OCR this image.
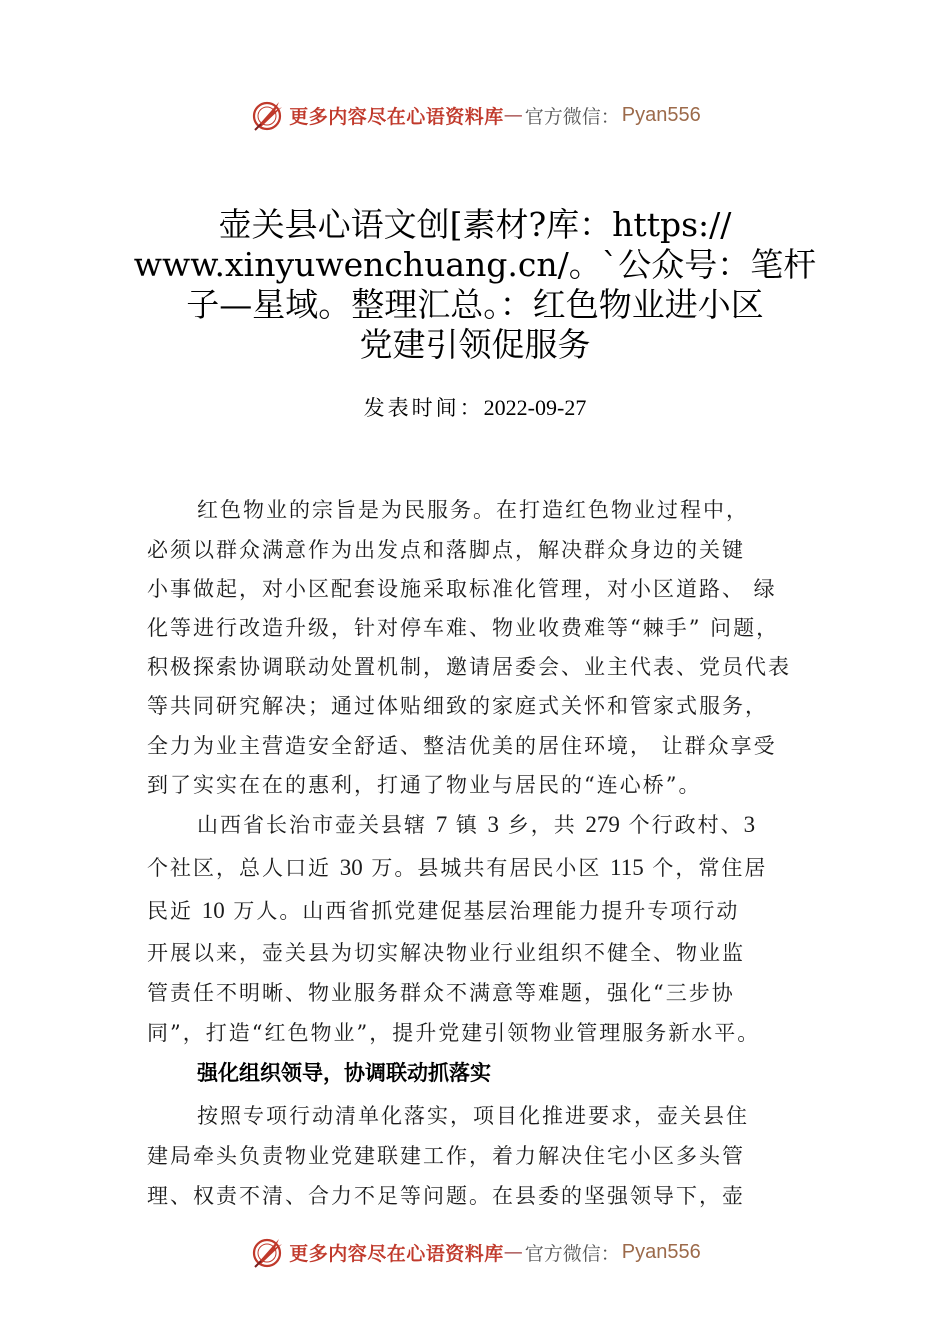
更多内容尽在心语资料库 — 官方微信： Pyan556
壶关县心语文创[素材?库：https://
www.xinyuwenchuang.cn/。`公众号：笔杆
子—星域。整理汇总。：红色物业进小区
党建引领促服务
发表时间：2022-09-27
红色物业的宗旨是为民服务。在打造红色物业过程中，
必须以群众满意作为出发点和落脚点，解决群众身边的关键
小事做起，对小区配套设施采取标准化管理，对小区道路、 绿
化等进行改造升级，针对停车难、物业收费难等“棘手” 问题，
积极探索协调联动处置机制，邀请居委会、业主代表、党员代表
等共同研究解决；通过体贴细致的家庭式关怀和管家式服务，
全力为业主营造安全舒适、整洁优美的居住环境， 让群众享受
到了实实在在的惠利，打通了物业与居民的“连心桥”。
山西省长治市壶关县辖 7 镇 3 乡，共 279 个行政村、3
个社区，总人口近 30 万。县城共有居民小区 115 个，常住居
民近 10 万人。山西省抓党建促基层治理能力提升专项行动
开展以来，壶关县为切实解决物业行业组织不健全、物业监
管责任不明晰、物业服务群众不满意等难题，强化“三步协
同”，打造“红色物业”，提升党建引领物业管理服务新水平。
强化组织领导，协调联动抓落实
按照专项行动清单化落实，项目化推进要求，壶关县住
建局牵头负责物业党建联建工作，着力解决住宅小区多头管
理、权责不清、合力不足等问题。在县委的坚强领导下，壶
更多内容尽在心语资料库 — 官方微信： Pyan556
